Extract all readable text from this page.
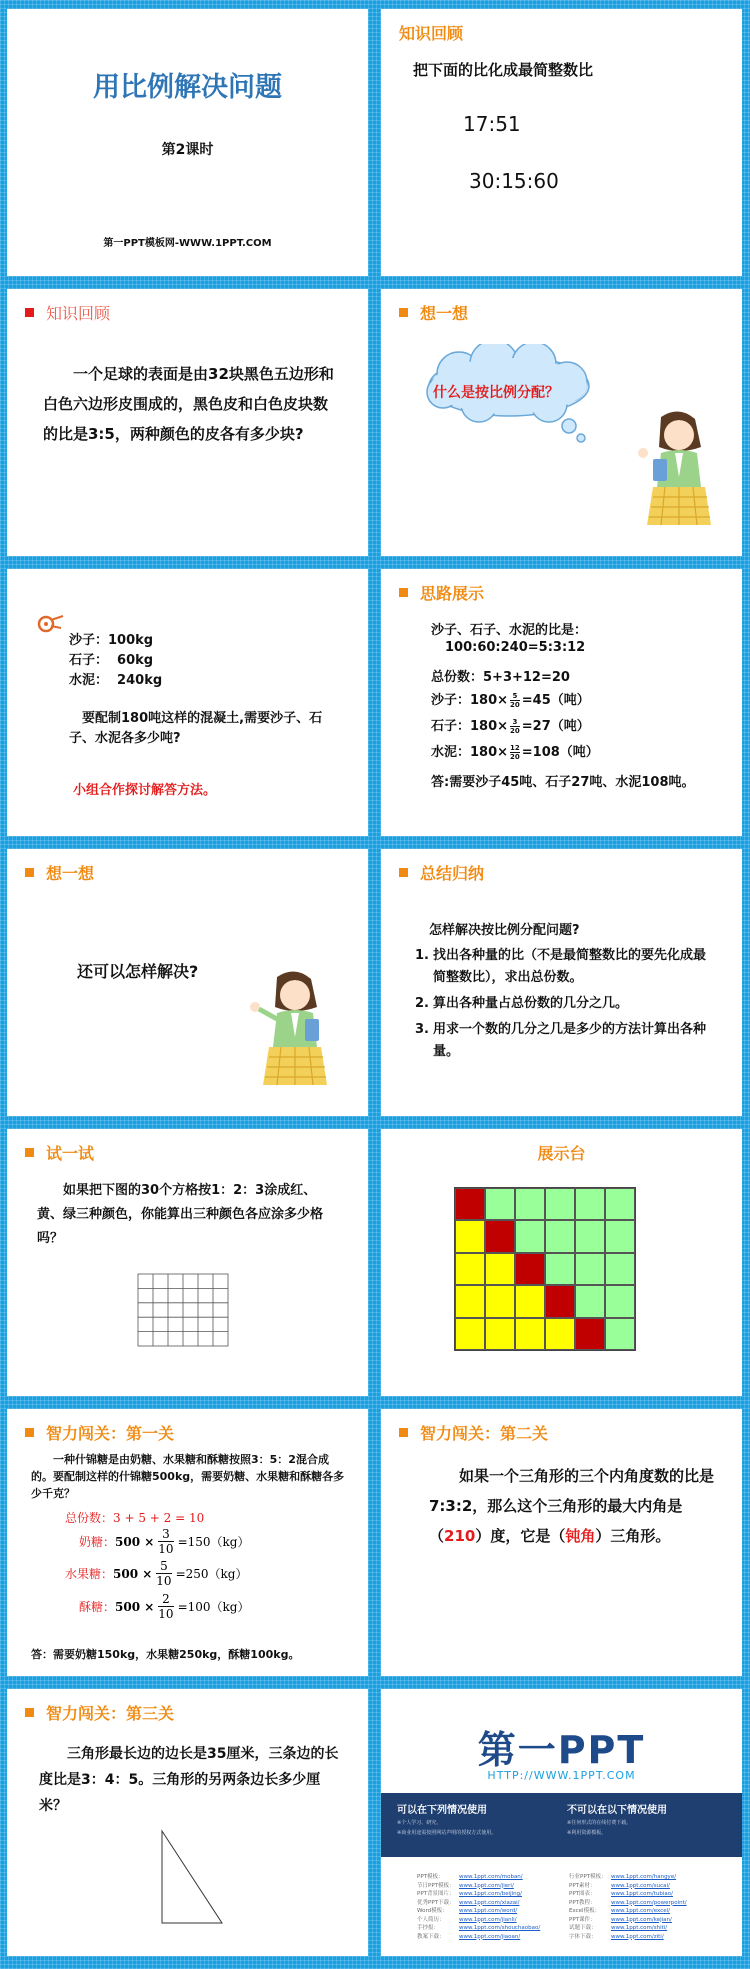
用比例解决问题
第2课时
第一PPT模板网-WWW.1PPT.COM
知识回顾
把下面的比化成最简整数比
17:51
30:15:60
知识回顾
一个足球的表面是由32块黑色五边形和白色六边形皮围成的，黑色皮和白色皮块数的比是3:5，两种颜色的皮各有多少块?
想一想
什么是按比例分配？
沙子：100kg
石子：  60kg
水泥：  240kg
要配制180吨这样的混凝土,需要沙子、石子、水泥各多少吨?
小组合作探讨解答方法。
思路展示
沙子、石子、水泥的比是：
100:60:240=5:3:12
总份数：5+3+12=20
沙子：$180\times \frac{5}{20} =45$（吨）
石子：$180\times \frac{3}{20} =27$（吨）
水泥：$180\times \frac{12}{20} =108$（吨）
答:需要沙子45吨、石子27吨、水泥108吨。
想一想
还可以怎样解决?
总结归纳
怎样解决按比例分配问题?
1. 找出各种量的比（不是最简整数比的要先化成最简整数比），求出总份数。
2. 算出各种量占总份数的几分之几。
3. 用求一个数的几分之几是多少的方法计算出各种量。
试一试
如果把下图的30个方格按1：2：3涂成红、黄、绿三种颜色，你能算出三种颜色各应涂多少格吗？
展示台
智力闯关：第一关
一种什锦糖是由奶糖、水果糖和酥糖按照3：5：2混合成的。要配制这样的什锦糖500kg，需要奶糖、水果糖和酥糖各多少千克？
总份数：3 + 5 + 2 = 10
奶糖： $500 \times \frac{3}{10} =150(kg)$
水果糖： $500 \times \frac{5}{10} =250(kg)$
酥糖： $500 \times \frac{2}{10} =100(kg)$
答：需要奶糖150kg，水果糖250kg，酥糖100kg。
智力闯关：第二关
如果一个三角形的三个内角度数的比是7:3:2，那么这个三角形的最大内角是（210）度，它是（钝角）三角形。
智力闯关：第三关
三角形最长边的边长是35厘米，三条边的长度比是3：4：5。三角形的另两条边长多少厘米？
第一PPT
HTTP://WWW.1PPT.COM
可以在下列情况使用
※个人学习、研究。
※商业用途需按照网站声明的授权方式使用。
不可以在以下情况使用
※任何形式的在线付费下载。
※利用资源模板。
PPT模板：	www.1ppt.com/moban/
节日PPT模板： www.1ppt.com/jieri/
PPT背景图片： www.1ppt.com/beijing/
优秀PPT下载： www.1ppt.com/xiazai/
Word模板：	www.1ppt.com/word/
个人简历：	www.1ppt.com/jianli/
手抄报：	www.1ppt.com/shouchaobao/
教案下载：	www.1ppt.com/jiaoan/
行业PPT模板： www.1ppt.com/hangye/
PPT素材：	www.1ppt.com/sucai/
PPT图表：	www.1ppt.com/tubiao/
PPT教程：	www.1ppt.com/powerpoint/
Excel模板：	www.1ppt.com/excel/
PPT课件：	www.1ppt.com/kejian/
试题下载：	www.1ppt.com/shiti/
字体下载：	www.1ppt.com/ziti/
